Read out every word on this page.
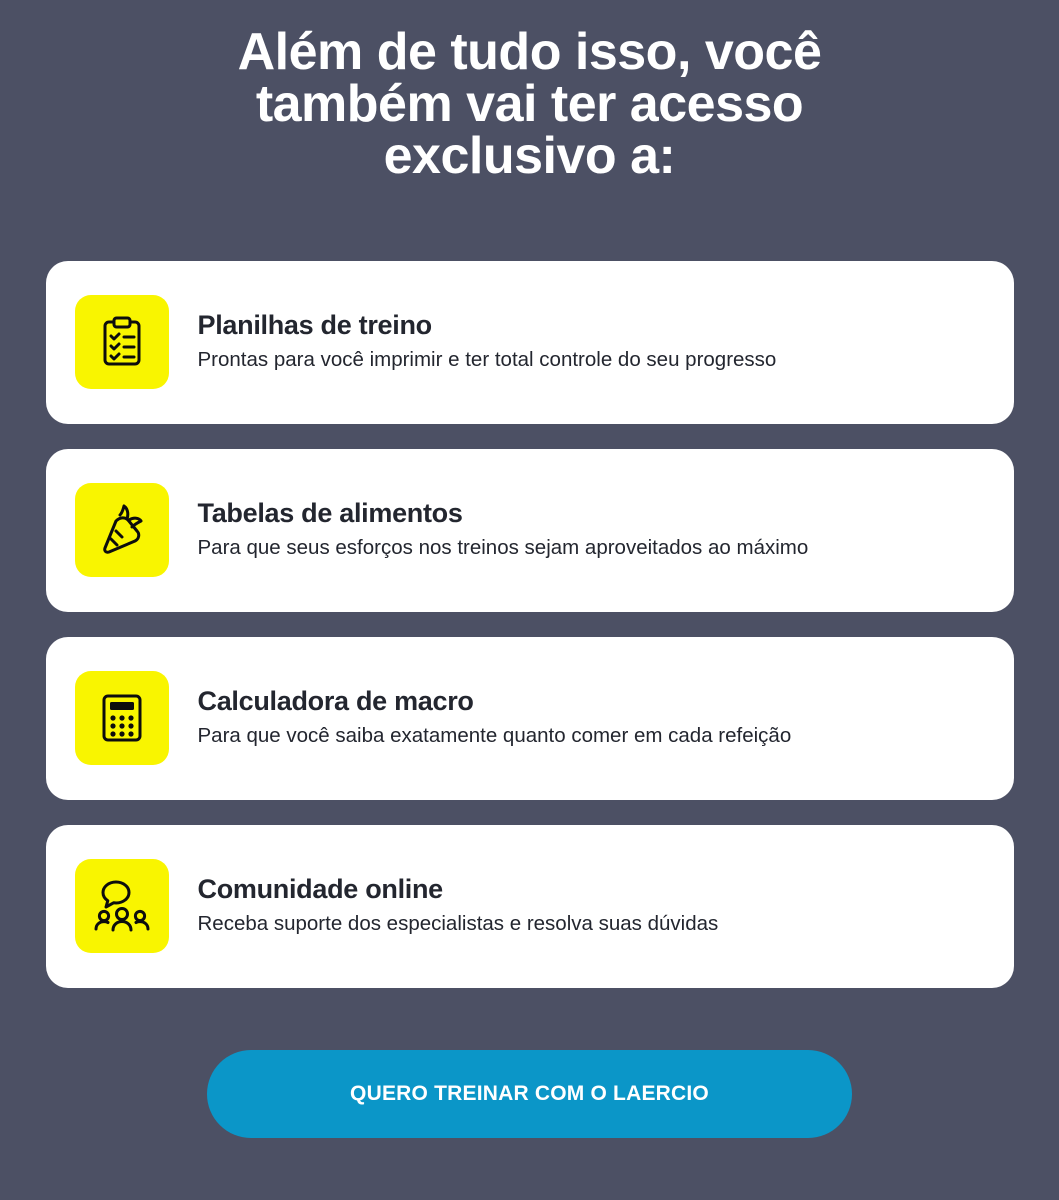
Além de tudo isso, você
também vai ter acesso
exclusivo a:
Planilhas de treino
Prontas para você imprimir e ter total controle do seu progresso
Tabelas de alimentos
Para que seus esforços nos treinos sejam aproveitados ao máximo
Calculadora de macro
Para que você saiba exatamente quanto comer em cada refeição
Comunidade online
Receba suporte dos especialistas e resolva suas dúvidas
QUERO TREINAR COM O LAERCIO
